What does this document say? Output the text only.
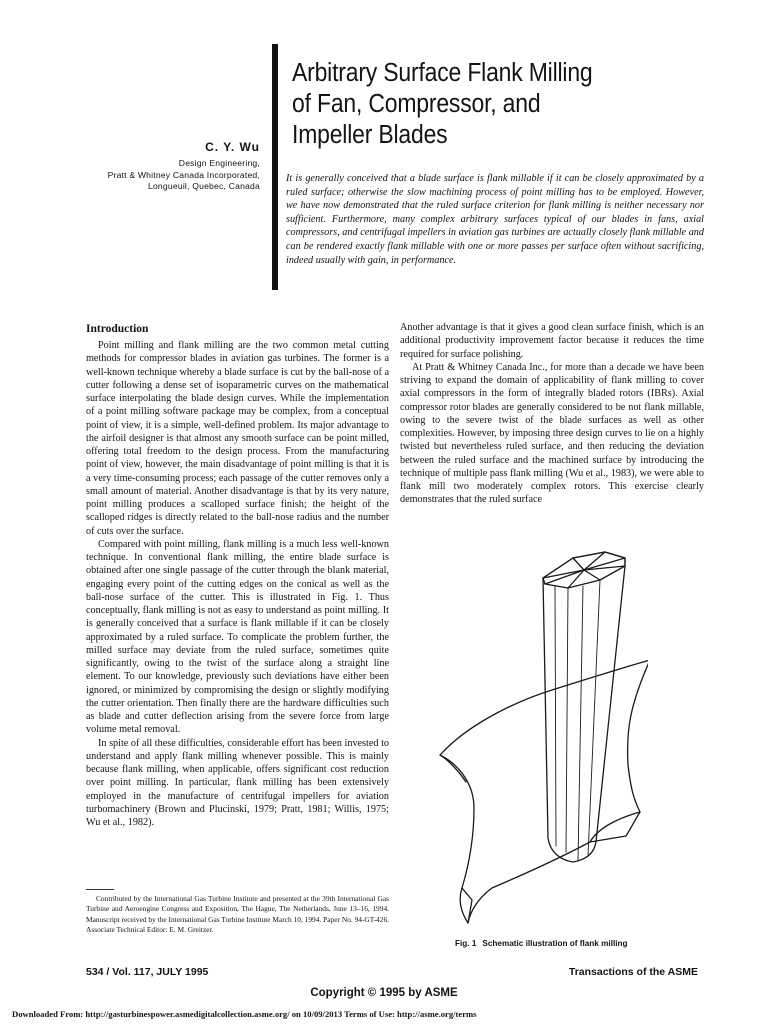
Arbitrary Surface Flank Milling
of Fan, Compressor, and
Impeller Blades
C. Y. Wu
Design Engineering,
Pratt & Whitney Canada Incorporated,
Longueuil, Quebec, Canada
It is generally conceived that a blade surface is flank millable if it can be closely approximated by a ruled surface; otherwise the slow machining process of point milling has to be employed. However, we have now demonstrated that the ruled surface criterion for flank milling is neither necessary nor sufficient. Furthermore, many complex arbitrary surfaces typical of our blades in fans, axial compressors, and centrifugal impellers in aviation gas turbines are actually closely flank millable and can be rendered exactly flank millable with one or more passes per surface often without sacrificing, indeed usually with gain, in performance.
Introduction

Point milling and flank milling are the two common metal cutting methods for compressor blades in aviation gas turbines. The former is a well-known technique whereby a blade surface is cut by the ball-nose of a cutter following a dense set of isoparametric curves on the mathematical surface interpolating the blade design curves. While the implementation of a point milling software package may be complex, from a conceptual point of view, it is a simple, well-defined problem. Its major advantage to the airfoil designer is that almost any smooth surface can be point milled, offering total freedom to the design process. From the manufacturing point of view, however, the main disadvantage of point milling is that it is a very time-consuming process; each passage of the cutter removes only a small amount of material. Another disadvantage is that by its very nature, point milling produces a scalloped surface finish; the height of the scalloped ridges is directly related to the ball-nose radius and the number of cuts over the surface.

Compared with point milling, flank milling is a much less well-known technique. In conventional flank milling, the entire blade surface is obtained after one single passage of the cutter through the blank material, engaging every point of the cutting edges on the conical as well as the ball-nose surface of the cutter. This is illustrated in Fig. 1. Thus conceptually, flank milling is not as easy to understand as point milling. It is generally conceived that a surface is flank millable if it can be closely approximated by a ruled surface. To complicate the problem further, the milled surface may deviate from the ruled surface, sometimes quite significantly, owing to the twist of the surface along a straight line element. To our knowledge, previously such deviations have either been ignored, or minimized by compromising the design or slightly modifying the cutter orientation. Then finally there are the hardware difficulties such as blade and cutter deflection arising from the severe force from large volume metal removal.

In spite of all these difficulties, considerable effort has been invested to understand and apply flank milling whenever possible. This is mainly because flank milling, when applicable, offers significant cost reduction over point milling. In particular, flank milling has been extensively employed in the manufacture of centrifugal impellers for aviation turbomachinery (Brown and Plucinski, 1979; Pratt, 1981; Willis, 1975; Wu et al., 1982).

Another advantage is that it gives a good clean surface finish, which is an additional productivity improvement factor because it reduces the time required for surface polishing.

At Pratt & Whitney Canada Inc., for more than a decade we have been striving to expand the domain of applicability of flank milling to cover axial compressors in the form of integrally bladed rotors (IBRs). Axial compressor rotor blades are generally considered to be not flank millable, owing to the severe twist of the blade surfaces as well as other complexities. However, by imposing three design curves to lie on a highly twisted but nevertheless ruled surface, and then reducing the deviation between the ruled surface and the machined surface by introducing the technique of multiple pass flank milling (Wu et al., 1983), we were able to flank mill two moderately complex rotors. This exercise clearly demonstrates that the ruled surface

Contributed by the International Gas Turbine Institute and presented at the 39th International Gas Turbine and Aeroengine Congress and Exposition, The Hague, The Netherlands, June 13–16, 1994. Manuscript received by the International Gas Turbine Institute March 10, 1994. Paper No. 94-GT-426. Associate Technical Editor: E. M. Greitzer.

Fig. 1 Schematic illustration of flank milling
534 / Vol. 117, JULY 1995	Transactions of the ASME
Copyright © 1995 by ASME
Downloaded From: http://gasturbinespower.asmedigitalcollection.asme.org/ on 10/09/2013 Terms of Use: http://asme.org/terms
